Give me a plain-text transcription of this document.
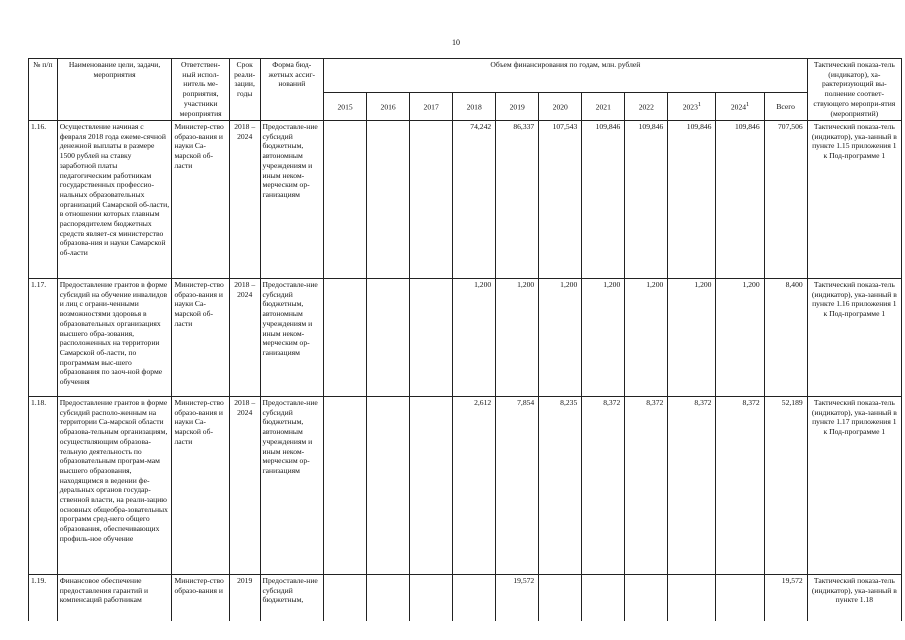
10
№ п/п	Наименование цели, задачи, мероприятия	Ответствен-ный испол-нитель ме-роприятия, участники мероприятия	Срок реали-зации, годы	Форма бюд-жетных ассиг-нований	Объем финансирования по годам, млн. рублей											Тактический показа-тель (индикатор), ха-рактеризующий вы-полнение соответ-ствующего меропри-ятия (мероприятий)
					2015	2016	2017	2018	2019	2020	2021	2022	2023$^1$	2024$^1$	Всего	
1.16.	Осуществление начиная с февраля 2018 года ежеме-сячной денежной выплаты в размере 1500 рублей на ставку заработной платы педагогическим работникам государственных профессио-нальных образовательных организаций Самарской об-ласти, в отношении которых главным распорядителем бюджетных средств являет-ся министерство образова-ния и науки Самарской об-ласти	Министер-ство образо-вания и науки Са-марской об-ласти	2018 – 2024	Предоставле-ние субсидий бюджетным, автономным учреждениям и иным неком-мерческим ор-ганизациям				74,242	86,337	107,543	109,846	109,846	109,846	109,846	707,506	Тактический показа-тель (индикатор), ука-занный в пункте 1.15 приложения 1 к Под-программе 1
1.17.	Предоставление грантов в форме субсидий на обучение инвалидов и лиц с ограни-ченными возможностями здоровья в образовательных организациях высшего обра-зования, расположенных на территории Самарской об-ласти, по программам выс-шего образования по заоч-ной форме обучения	Министер-ство образо-вания и науки Са-марской об-ласти	2018 – 2024	Предоставле-ние субсидий бюджетным, автономным учреждениям и иным неком-мерческим ор-ганизациям				1,200	1,200	1,200	1,200	1,200	1,200	1,200	8,400	Тактический показа-тель (индикатор), ука-занный в пункте 1.16 приложения 1 к Под-программе 1
1.18.	Предоставление грантов в форме субсидий располо-женным на территории Са-марской области образова-тельным организациям, осуществляющим образова-тельную деятельность по образовательным програм-мам высшего образования, находящимся в ведении фе-деральных органов государ-ственной власти, на реали-зацию основных общеобра-зовательных программ сред-него общего образования, обеспечивающих профиль-ное обучение	Министер-ство образо-вания и науки Са-марской об-ласти	2018 – 2024	Предоставле-ние субсидий бюджетным, автономным учреждениям и иным неком-мерческим ор-ганизациям				2,612	7,854	8,235	8,372	8,372	8,372	8,372	52,189	Тактический показа-тель (индикатор), ука-занный в пункте 1.17 приложения 1 к Под-программе 1
1.19.	Финансовое обеспечение предоставления гарантий и компенсаций работникам	Министер-ство образо-вания и	2019	Предоставле-ние субсидий бюджетным,					19,572						19,572	Тактический показа-тель (индикатор), ука-занный в пункте 1.18
